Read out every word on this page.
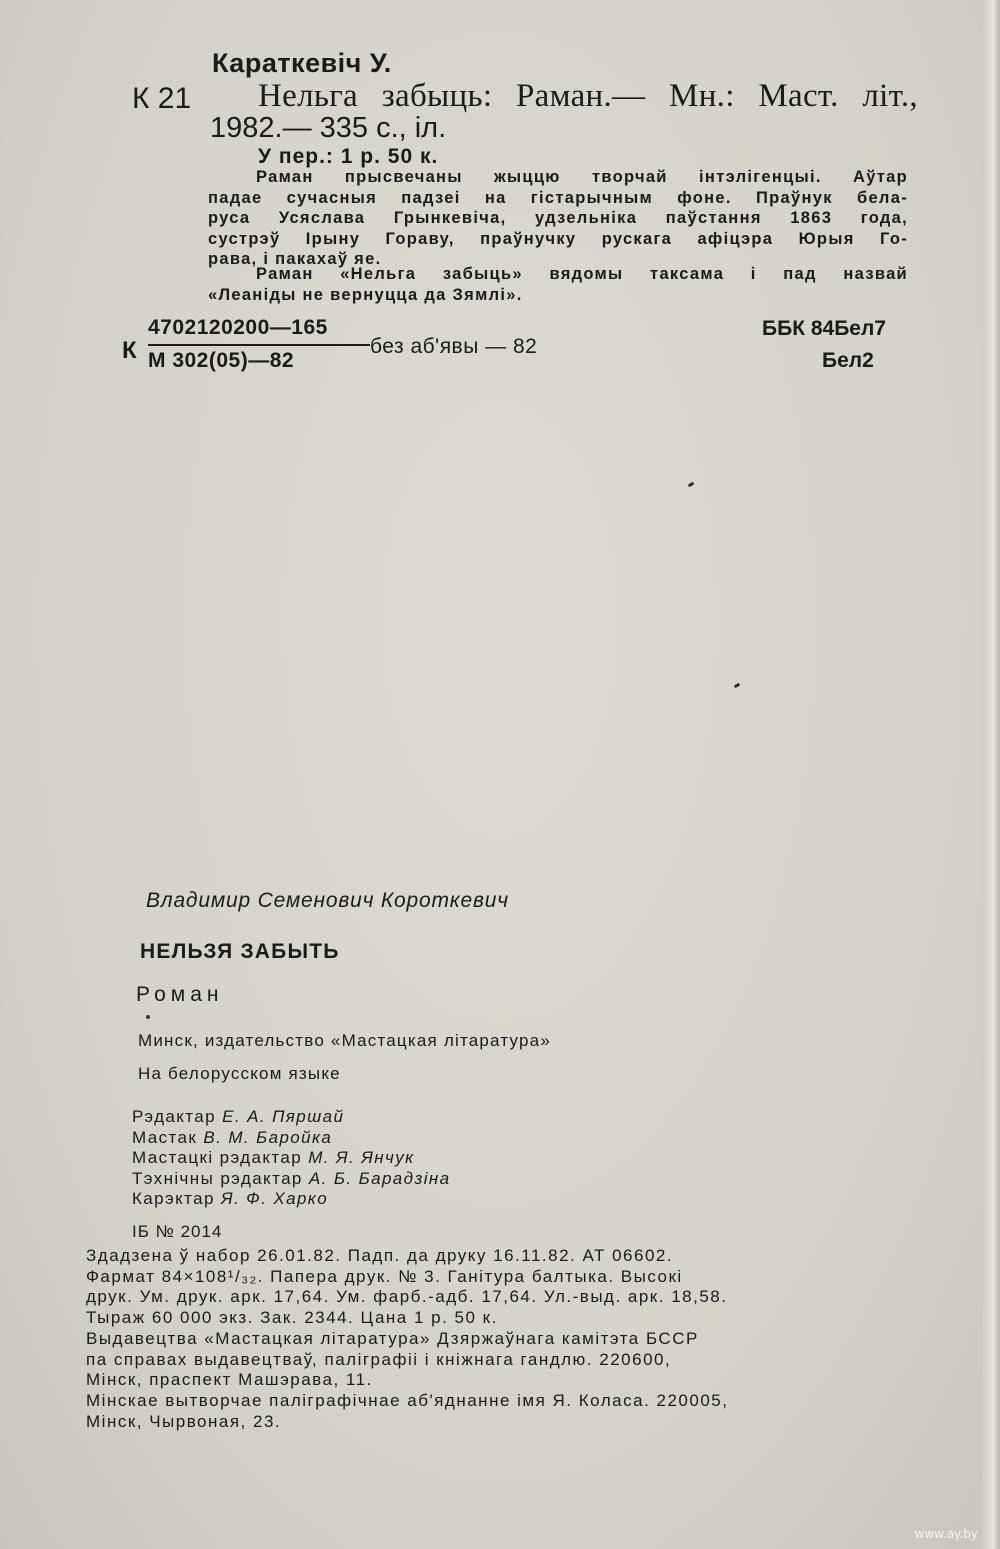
Караткевіч У.
К 21 Нельга забыць: Раман.— Мн.: Маст. літ.,
1982.— 335 с., іл.
У пер.: 1 р. 50 к.

Раман прысвечаны жыццю творчай інтэлігенцыі. Аўтар

падае сучасныя падзеі на гістарычным фоне. Праўнук бела-

руса Усяслава Грынкевіча, удзельніка паўстання 1863 года,

сустрэў Ірыну Гораву, праўнучку рускага афіцэра Юрыя Го-

рава, і пакахаў яе.

Раман «Нельга забыць» вядомы таксама і пад назвай

«Леаніды не вернуцца да Зямлі».

К
4702120200—165
М 302(05)—82
без аб'явы — 82
ББК 84Бел7
Бел2
Владимир Семенович Короткевич
НЕЛЬЗЯ ЗАБЫТЬ
Роман
Минск, издательство «Мастацкая літаратура»
На белорусском языке
Рэдактар Е. А. Пяршай
Мастак В. М. Баройка
Мастацкі рэдактар М. Я. Янчук
Тэхнічны рэдактар А. Б. Барадзіна
Карэктар Я. Ф. Харко
ІБ № 2014
Здадзена ў набор 26.01.82. Падп. да друку 16.11.82. АТ 06602.
Фармат 84×108¹/₃₂. Папера друк. № 3. Ганітура балтыка. Высокі
друк. Ум. друк. арк. 17,64. Ум. фарб.-адб. 17,64. Ул.-выд. арк. 18,58.
Тыраж 60 000 экз. Зак. 2344. Цана 1 р. 50 к.
Выдавецтва «Мастацкая літаратура» Дзяржаўнага камітэта БССР
па справах выдавецтваў, паліграфіі і кніжнага гандлю. 220600,
Мінск, праспект Машэрава, 11.
Мінскае вытворчае паліграфічнае аб'яднанне імя Я. Коласа. 220005,
Мінск, Чырвоная, 23.
www.ay.by
